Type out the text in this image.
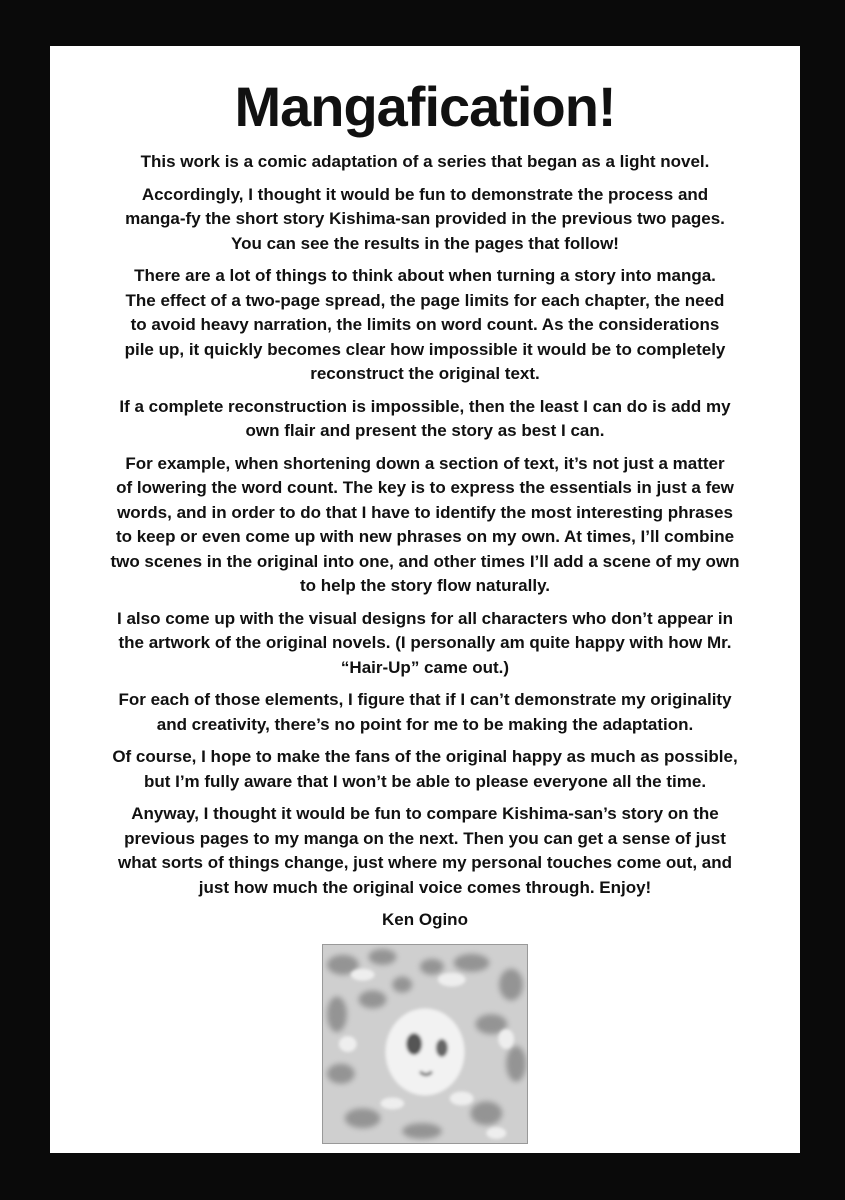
Mangafication!

This work is a comic adaptation of a series that began as a light novel.

Accordingly, I thought it would be fun to demonstrate the process and
manga-fy the short story Kishima-san provided in the previous two pages.
You can see the results in the pages that follow!

There are a lot of things to think about when turning a story into manga.
The effect of a two-page spread, the page limits for each chapter, the need
to avoid heavy narration, the limits on word count. As the considerations
pile up, it quickly becomes clear how impossible it would be to completely
reconstruct the original text.

If a complete reconstruction is impossible, then the least I can do is add my
own flair and present the story as best I can.

For example, when shortening down a section of text, it’s not just a matter
of lowering the word count. The key is to express the essentials in just a few
words, and in order to do that I have to identify the most interesting phrases
to keep or even come up with new phrases on my own. At times, I’ll combine
two scenes in the original into one, and other times I’ll add a scene of my own
to help the story flow naturally.

I also come up with the visual designs for all characters who don’t appear in
the artwork of the original novels. (I personally am quite happy with how Mr.
“Hair-Up” came out.)

For each of those elements, I figure that if I can’t demonstrate my originality
and creativity, there’s no point for me to be making the adaptation.

Of course, I hope to make the fans of the original happy as much as possible,
but I’m fully aware that I won’t be able to please everyone all the time.

Anyway, I thought it would be fun to compare Kishima-san’s story on the
previous pages to my manga on the next. Then you can get a sense of just
what sorts of things change, just where my personal touches come out, and
just how much the original voice comes through. Enjoy!

Ken Ogino
